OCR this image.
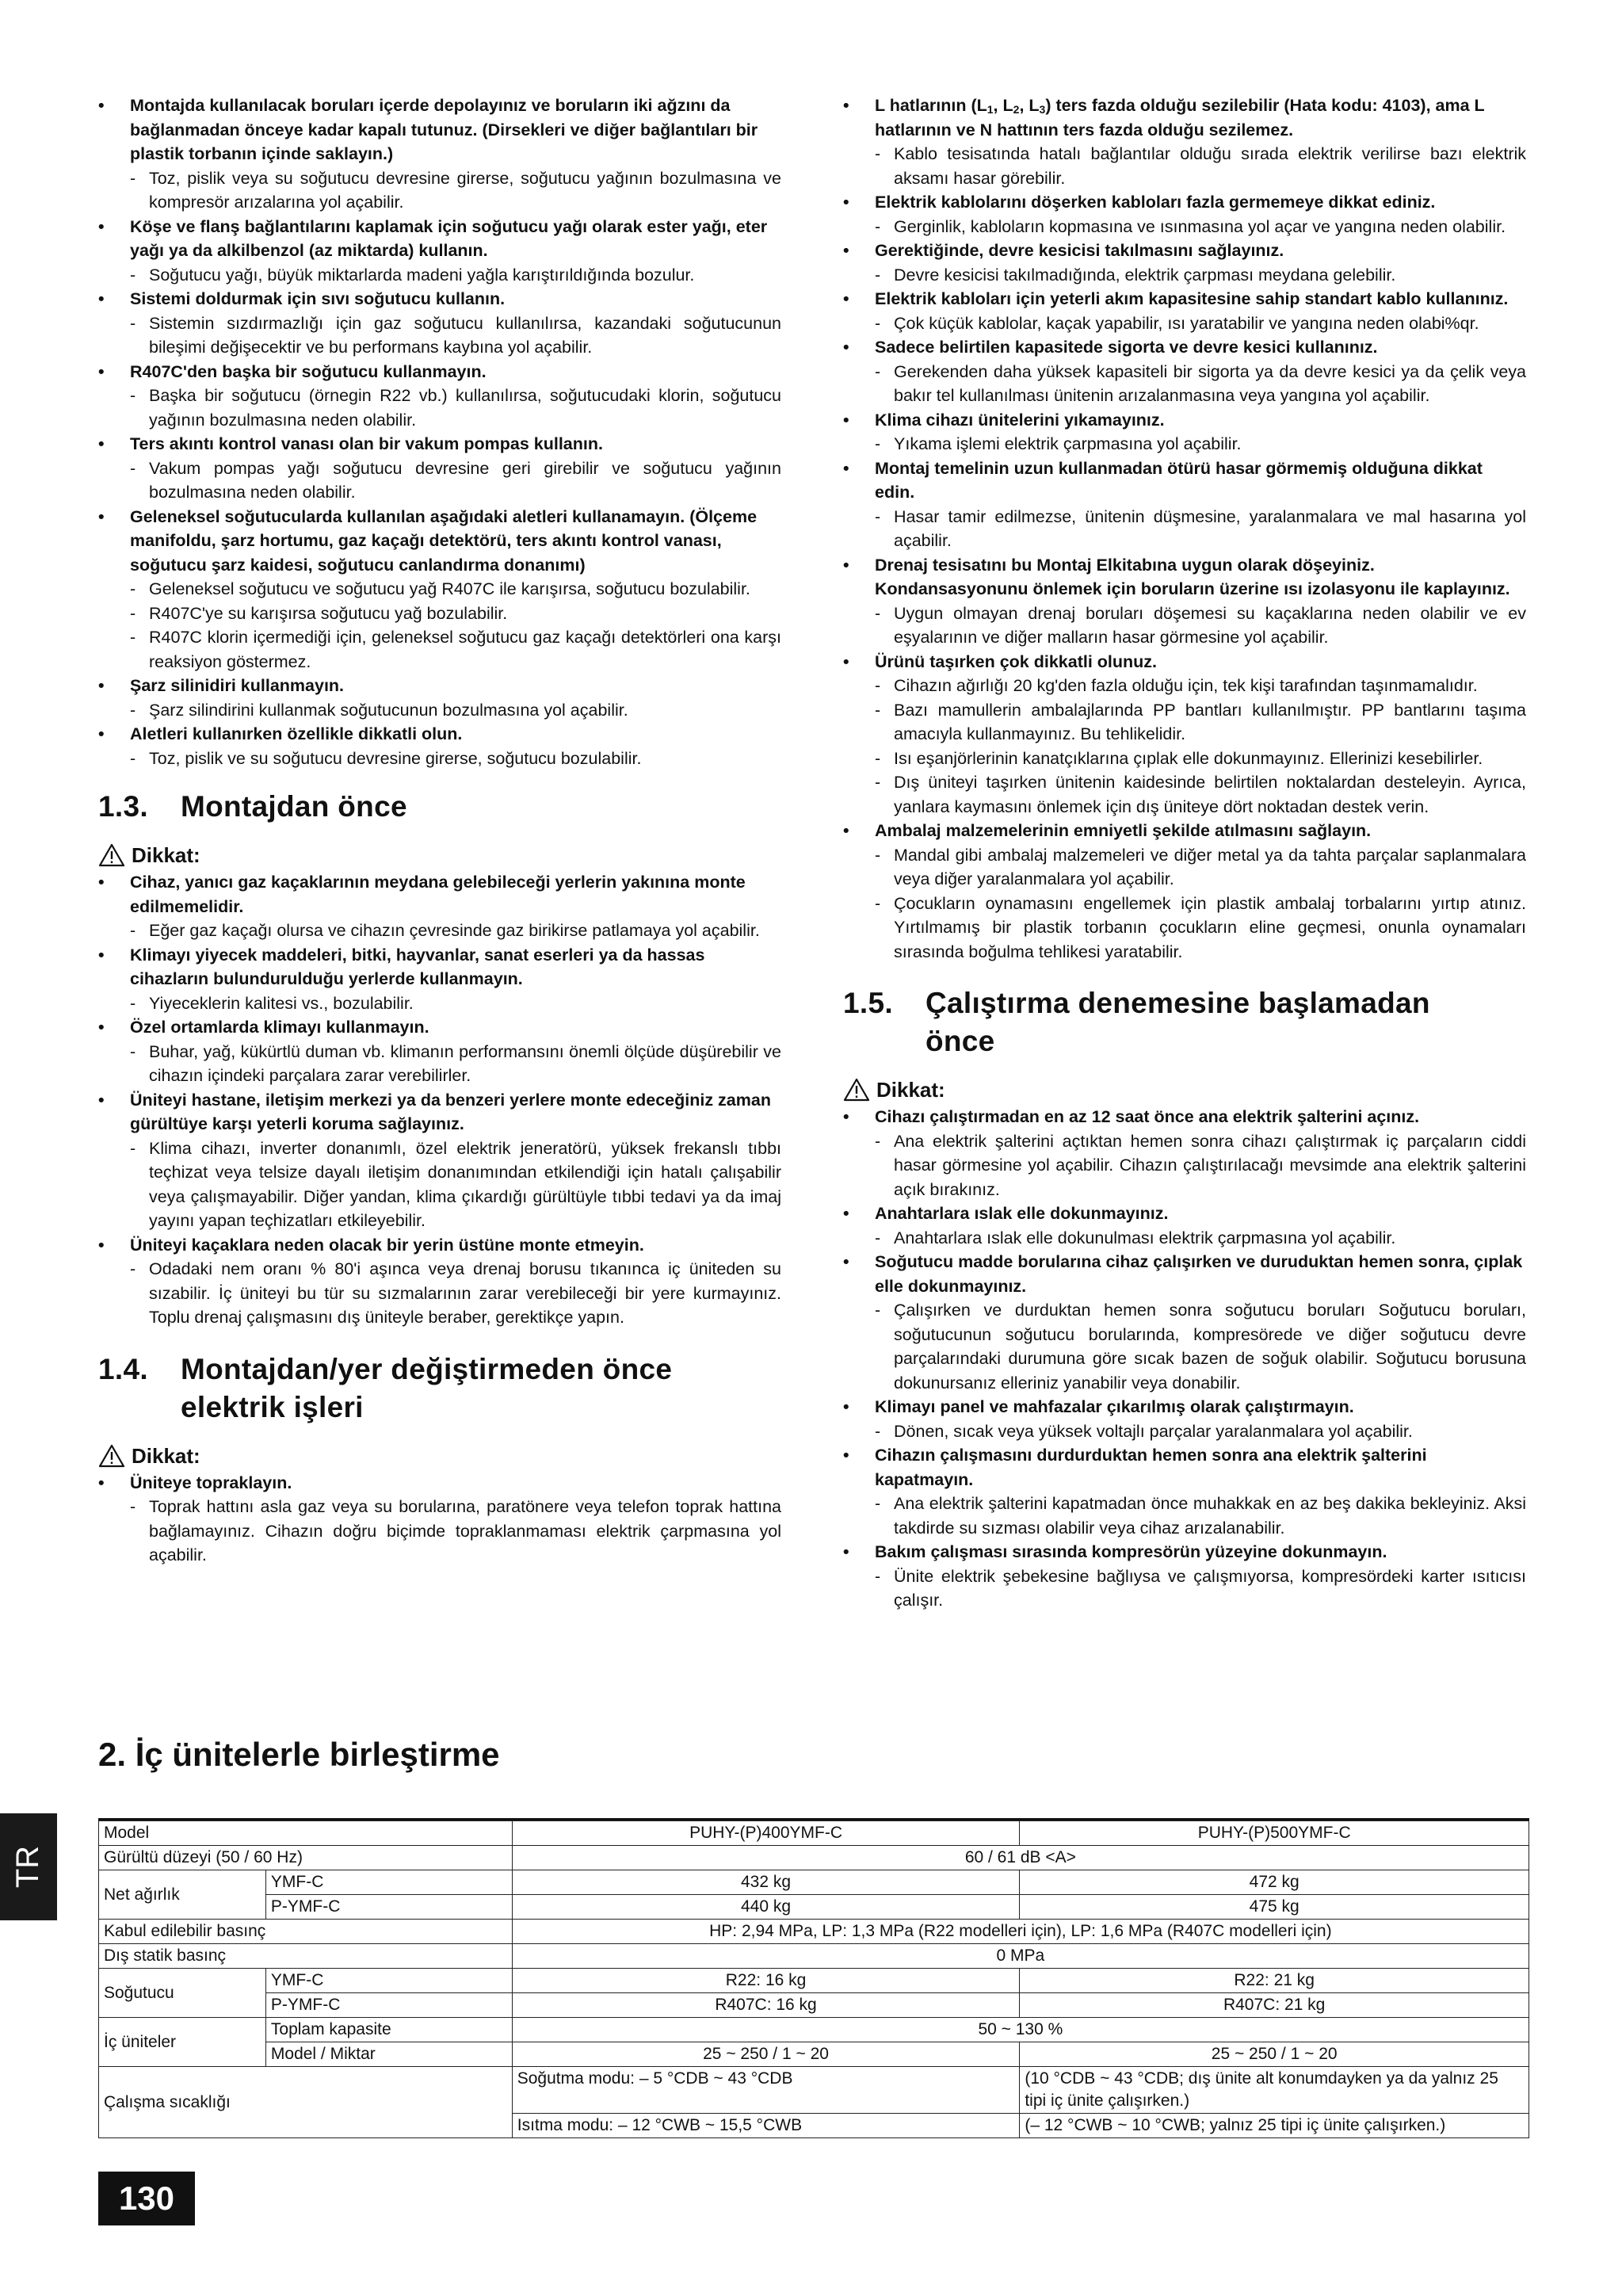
• Montajda kullanılacak boruları içerde depolayınız ve boruların iki ağzını da bağlanmadan önceye kadar kapalı tutunuz. (Dirsekleri ve diğer bağlantıları bir plastik torbanın içinde saklayın.)
- Toz, pislik veya su soğutucu devresine girerse, soğutucu yağının bozulmasına ve kompresör arızalarına yol açabilir.
• Köşe ve flanş bağlantılarını kaplamak için soğutucu yağı olarak ester yağı, eter yağı ya da alkilbenzol (az miktarda) kullanın.
- Soğutucu yağı, büyük miktarlarda madeni yağla karıştırıldığında bozulur.
• Sistemi doldurmak için sıvı soğutucu kullanın.
- Sistemin sızdırmazlığı için gaz soğutucu kullanılırsa, kazandaki soğutucunun bileşimi değişecektir ve bu performans kaybına yol açabilir.
• R407C'den başka bir soğutucu kullanmayın.
- Başka bir soğutucu (örnegin R22 vb.) kullanılırsa, soğutucudaki klorin, soğutucu yağının bozulmasına neden olabilir.
• Ters akıntı kontrol vanası olan bir vakum pompas kullanın.
- Vakum pompas yağı soğutucu devresine geri girebilir ve soğutucu yağının bozulmasına neden olabilir.
• Geleneksel soğutucularda kullanılan aşağıdaki aletleri kullanamayın. (Ölçeme manifoldu, şarz hortumu, gaz kaçağı detektörü, ters akıntı kontrol vanası, soğutucu şarz kaidesi, soğutucu canlandırma donanımı)
- Geleneksel soğutucu ve soğutucu yağ R407C ile karışırsa, soğutucu bozulabilir.
- R407C'ye su karışırsa soğutucu yağ bozulabilir.
- R407C klorin içermediği için, geleneksel soğutucu gaz kaçağı detektörleri ona karşı reaksiyon göstermez.
• Şarz silinidiri kullanmayın.
- Şarz silindirini kullanmak soğutucunun bozulmasına yol açabilir.
• Aletleri kullanırken özellikle dikkatli olun.
- Toz, pislik ve su soğutucu devresine girerse, soğutucu bozulabilir.
1.3.	Montajdan önce
Dikkat:
• Cihaz, yanıcı gaz kaçaklarının meydana gelebileceği yerlerin yakınına monte edilmemelidir.
- Eğer gaz kaçağı olursa ve cihazın çevresinde gaz birikirse patlamaya yol açabilir.
• Klimayı yiyecek maddeleri, bitki, hayvanlar, sanat eserleri ya da hassas cihazların bulundurulduğu yerlerde kullanmayın.
- Yiyeceklerin kalitesi vs., bozulabilir.
• Özel ortamlarda klimayı kullanmayın.
- Buhar, yağ, kükürtlü duman vb. klimanın performansını önemli ölçüde düşürebilir ve cihazın içindeki parçalara zarar verebilirler.
• Üniteyi hastane, iletişim merkezi ya da benzeri yerlere monte edeceğiniz zaman gürültüye karşı yeterli koruma sağlayınız.
- Klima cihazı, inverter donanımlı, özel elektrik jeneratörü, yüksek frekanslı tıbbı teçhizat veya telsize dayalı iletişim donanımından etkilendiği için hatalı çalışabilir veya çalışmayabilir. Diğer yandan, klima çıkardığı gürültüyle tıbbi tedavi ya da imaj yayını yapan teçhizatları etkileyebilir.
• Üniteyi kaçaklara neden olacak bir yerin üstüne monte etmeyin.
- Odadaki nem oranı % 80'i aşınca veya drenaj borusu tıkanınca iç üniteden su sızabilir. İç üniteyi bu tür su sızmalarının zarar verebileceği bir yere kurmayınız. Toplu drenaj çalışmasını dış üniteyle beraber, gerektikçe yapın.
1.4.	Montajdan/yer değiştirmeden önce
elektrik işleri
Dikkat:
• Üniteye topraklayın.
- Toprak hattını asla gaz veya su borularına, paratönere veya telefon toprak hattına bağlamayınız. Cihazın doğru biçimde topraklanmaması elektrik çarpmasına yol açabilir.
• L hatlarının ($L_1$, $L_2$, $L_3$) ters fazda olduğu sezilebilir (Hata kodu: 4103), ama L hatlarının ve N hattının ters fazda olduğu sezilemez.
- Kablo tesisatında hatalı bağlantılar olduğu sırada elektrik verilirse bazı elektrik aksamı hasar görebilir.
• Elektrik kablolarını döşerken kabloları fazla germemeye dikkat ediniz.
- Gerginlik, kabloların kopmasına ve ısınmasına yol açar ve yangına neden olabilir.
• Gerektiğinde, devre kesicisi takılmasını sağlayınız.
- Devre kesicisi takılmadığında, elektrik çarpması meydana gelebilir.
• Elektrik kabloları için yeterli akım kapasitesine sahip standart kablo kullanınız.
- Çok küçük kablolar, kaçak yapabilir, ısı yaratabilir ve yangına neden olabi%qr.
• Sadece belirtilen kapasitede sigorta ve devre kesici kullanınız.
- Gerekenden daha yüksek kapasiteli bir sigorta ya da devre kesici ya da çelik veya bakır tel kullanılması ünitenin arızalanmasına veya yangına yol açabilir.
• Klima cihazı ünitelerini yıkamayınız.
- Yıkama işlemi elektrik çarpmasına yol açabilir.
• Montaj temelinin uzun kullanmadan ötürü hasar görmemiş olduğuna dikkat edin.
- Hasar tamir edilmezse, ünitenin düşmesine, yaralanmalara ve mal hasarına yol açabilir.
• Drenaj tesisatını bu Montaj Elkitabına uygun olarak döşeyiniz. Kondansasyonunu önlemek için boruların üzerine ısı izolasyonu ile kaplayınız.
- Uygun olmayan drenaj boruları döşemesi su kaçaklarına neden olabilir ve ev eşyalarının ve diğer malların hasar görmesine yol açabilir.
• Ürünü taşırken çok dikkatli olunuz.
- Cihazın ağırlığı 20 kg'den fazla olduğu için, tek kişi tarafından taşınmamalıdır.
- Bazı mamullerin ambalajlarında PP bantları kullanılmıştır. PP bantlarını taşıma amacıyla kullanmayınız. Bu tehlikelidir.
- Isı eşanjörlerinin kanatçıklarına çıplak elle dokunmayınız. Ellerinizi kesebilirler.
- Dış üniteyi taşırken ünitenin kaidesinde belirtilen noktalardan desteleyin. Ayrıca, yanlara kaymasını önlemek için dış üniteye dört noktadan destek verin.
• Ambalaj malzemelerinin emniyetli şekilde atılmasını sağlayın.
- Mandal gibi ambalaj malzemeleri ve diğer metal ya da tahta parçalar saplanmalara veya diğer yaralanmalara yol açabilir.
- Çocukların oynamasını engellemek için plastik ambalaj torbalarını yırtıp atınız. Yırtılmamış bir plastik torbanın çocukların eline geçmesi, onunla oynamaları sırasında boğulma tehlikesi yaratabilir.
1.5.	Çalıştırma denemesine başlamadan
önce
Dikkat:
• Cihazı çalıştırmadan en az 12 saat önce ana elektrik şalterini açınız.
- Ana elektrik şalterini açtıktan hemen sonra cihazı çalıştırmak iç parçaların ciddi hasar görmesine yol açabilir. Cihazın çalıştırılacağı mevsimde ana elektrik şalterini açık bırakınız.
• Anahtarlara ıslak elle dokunmayınız.
- Anahtarlara ıslak elle dokunulması elektrik çarpmasına yol açabilir.
• Soğutucu madde borularına cihaz çalışırken ve duruduktan hemen sonra, çıplak elle dokunmayınız.
- Çalışırken ve durduktan hemen sonra soğutucu boruları Soğutucu boruları, soğutucunun soğutucu borularında, kompresörede ve diğer soğutucu devre parçalarındaki durumuna göre sıcak bazen de soğuk olabilir. Soğutucu borusuna dokunursanız elleriniz yanabilir veya donabilir.
• Klimayı panel ve mahfazalar çıkarılmış olarak çalıştırmayın.
- Dönen, sıcak veya yüksek voltajlı parçalar yaralanmalara yol açabilir.
• Cihazın çalışmasını durdurduktan hemen sonra ana elektrik şalterini kapatmayın.
- Ana elektrik şalterini kapatmadan önce muhakkak en az beş dakika bekleyiniz. Aksi takdirde su sızması olabilir veya cihaz arızalanabilir.
• Bakım çalışması sırasında kompresörün yüzeyine dokunmayın.
- Ünite elektrik şebekesine bağlıysa ve çalışmıyorsa, kompresördeki karter ısıtıcısı çalışır.
2. İç ünitelerle birleştirme
Model		PUHY-(P)400YMF-C	PUHY-(P)500YMF-C
Gürültü düzeyi (50 / 60 Hz)		60 / 61 dB <A>	
Net ağırlık	YMF-C	432 kg	472 kg
	P-YMF-C	440 kg	475 kg
Kabul edilebilir basınç		HP: 2,94 MPa, LP: 1,3 MPa (R22 modelleri için), LP: 1,6 MPa (R407C modelleri için)	
Dış statik basınç		0 MPa	
Soğutucu	YMF-C	R22: 16 kg	R22: 21 kg
	P-YMF-C	R407C: 16 kg	R407C: 21 kg
İç üniteler	Toplam kapasite	50 ~ 130 %	
	Model / Miktar	25 ~ 250 / 1 ~ 20	25 ~ 250 / 1 ~ 20
Çalışma sıcaklığı		Soğutma modu: – 5 °CDB ~ 43 °CDB	(10 °CDB ~ 43 °CDB; dış ünite alt konumdayken ya da yalnız 25 tipi iç ünite çalışırken.)
		Isıtma modu: – 12 °CWB ~ 15,5 °CWB	(– 12 °CWB ~ 10 °CWB; yalnız 25 tipi iç ünite çalışırken.)
TR
130
